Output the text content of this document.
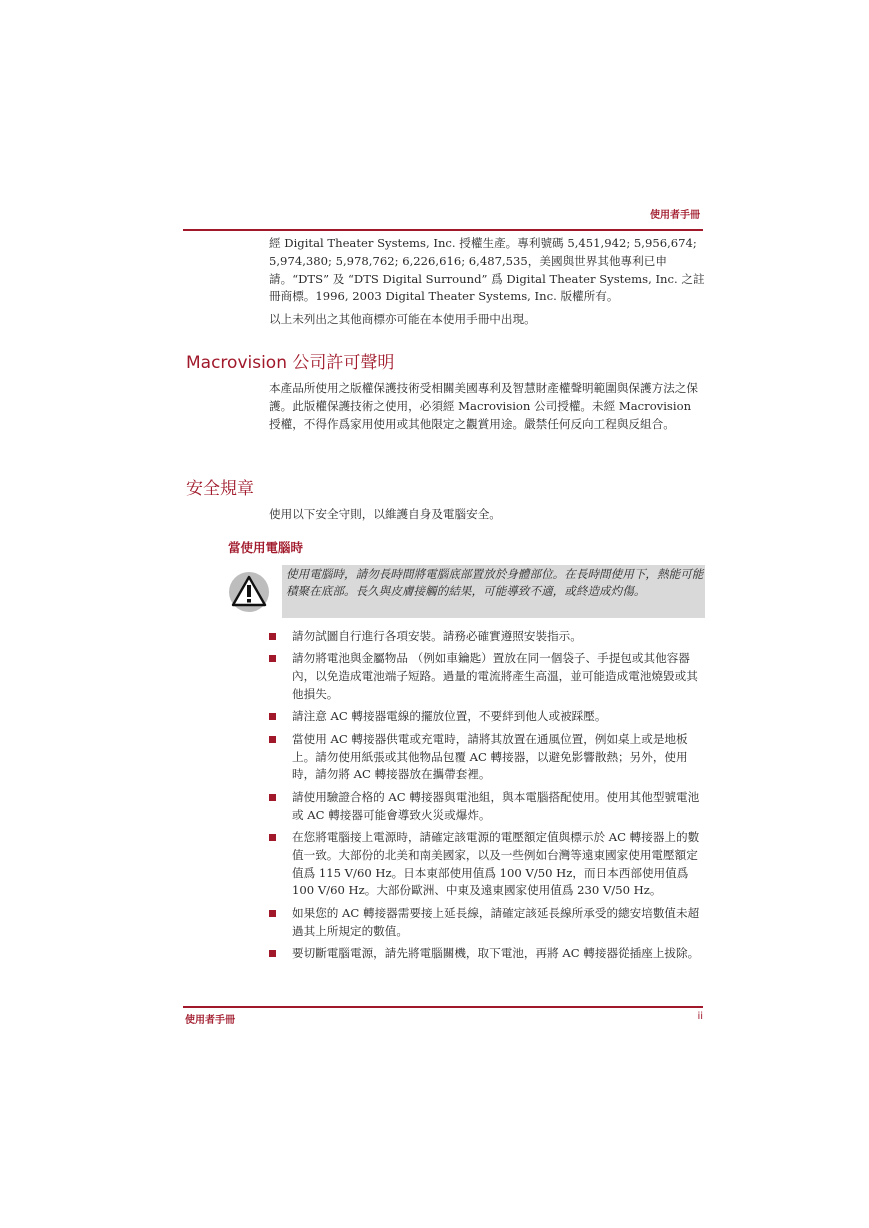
使用者手冊

經 Digital Theater Systems, Inc. 授權生產。專利號碼 5,451,942; 5,956,674; 5,974,380; 5,978,762; 6,226,616; 6,487,535，美國與世界其他專利已申請。“DTS” 及 “DTS Digital Surround” 爲 Digital Theater Systems, Inc. 之註冊商標。1996, 2003 Digital Theater Systems, Inc. 版權所有。

以上未列出之其他商標亦可能在本使用手冊中出現。

Macrovision 公司許可聲明

本產品所使用之版權保護技術受相關美國專利及智慧財產權聲明範圍與保護方法之保護。此版權保護技術之使用，必須經 Macrovision 公司授權。未經 Macrovision 授權，不得作爲家用使用或其他限定之觀賞用途。嚴禁任何反向工程與反組合。

安全規章
使用以下安全守則，以維護自身及電腦安全。
當使用電腦時
使用電腦時，請勿長時間將電腦底部置放於身體部位。在長時間使用下，熱能可能積聚在底部。長久與皮膚接觸的結果，可能導致不適，或終造成灼傷。
請勿試圖自行進行各項安裝。請務必確實遵照安裝指示。
請勿將電池與金屬物品 （例如車鑰匙）置放在同一個袋子、手提包或其他容器內，以免造成電池端子短路。過量的電流將產生高溫，並可能造成電池燒毀或其他損失。
請注意 AC 轉接器電線的擺放位置，不要絆到他人或被踩壓。
當使用 AC 轉接器供電或充電時，請將其放置在通風位置，例如桌上或是地板上。請勿使用紙張或其他物品包覆 AC 轉接器，以避免影響散熱；另外，使用時，請勿將 AC 轉接器放在攜帶套裡。
請使用驗證合格的 AC 轉接器與電池組，與本電腦搭配使用。使用其他型號電池或 AC 轉接器可能會導致火災或爆炸。
在您將電腦接上電源時，請確定該電源的電壓額定值與標示於 AC 轉接器上的數值一致。大部份的北美和南美國家，以及一些例如台灣等遠東國家使用電壓額定值爲 115 V/60 Hz。日本東部使用值爲 100 V/50 Hz，而日本西部使用值爲 100 V/60 Hz。大部份歐洲、中東及遠東國家使用值爲 230 V/50 Hz。
如果您的 AC 轉接器需要接上延長線，請確定該延長線所承受的總安培數值未超過其上所規定的數值。
要切斷電腦電源，請先將電腦關機，取下電池，再將 AC 轉接器從插座上拔除。
使用者手冊	ii
